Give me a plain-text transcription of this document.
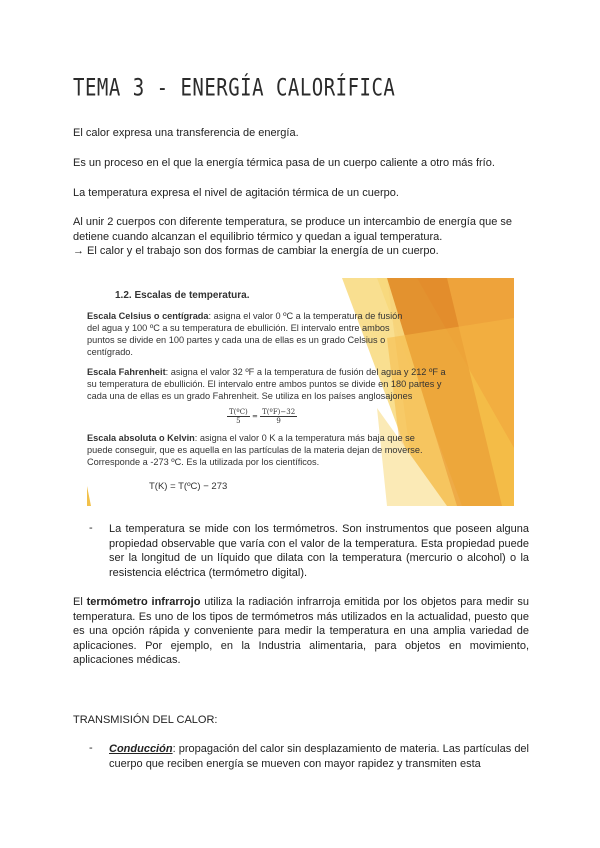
TEMA 3 - ENERGÍA CALORÍFICA
El calor expresa una transferencia de energía.
Es un proceso en el que la energía térmica pasa de un cuerpo caliente a otro más frío.
La temperatura expresa el nivel de agitación térmica de un cuerpo.
Al unir 2 cuerpos con diferente temperatura, se produce un intercambio de energía que se detiene cuando alcanzan el equilibrio térmico y quedan a igual temperatura.
→ El calor y el trabajo son dos formas de cambiar la energía de un cuerpo.
1.2. Escalas de temperatura.
Escala Celsius o centígrada: asigna el valor 0 ºC a la temperatura de fusión del agua y 100 ºC a su temperatura de ebullición. El intervalo entre ambos puntos se divide en 100 partes y cada una de ellas es un grado Celsius o centígrado.
Escala Fahrenheit: asigna el valor 32 ºF a la temperatura de fusión del agua y 212 ºF a su temperatura de ebullición. El intervalo entre ambos puntos se divide en 180 partes y cada una de ellas es un grado Fahrenheit. Se utiliza en los países anglosajones
$\frac{\text{T(ºC)}}{5} = \frac{\text{T(ºF)−32}}{9}$
Escala absoluta o Kelvin: asigna el valor 0 K a la temperatura más baja que se puede conseguir, que es aquella en las partículas de la materia dejan de moverse. Corresponde a -273 ºC. Es la utilizada por los científicos.
T(K) = T(ºC) − 273
- La temperatura se mide con los termómetros. Son instrumentos que poseen alguna propiedad observable que varía con el valor de la temperatura. Esta propiedad puede ser la longitud de un líquido que dilata con la temperatura (mercurio o alcohol) o la resistencia eléctrica (termómetro digital).
El termómetro infrarrojo utiliza la radiación infrarroja emitida por los objetos para medir su temperatura. Es uno de los tipos de termómetros más utilizados en la actualidad, puesto que es una opción rápida y conveniente para medir la temperatura en una amplia variedad de aplicaciones. Por ejemplo, en la Industria alimentaria, para objetos en movimiento, aplicaciones médicas.
TRANSMISIÓN DEL CALOR:
- Conducción: propagación del calor sin desplazamiento de materia. Las partículas del cuerpo que reciben energía se mueven con mayor rapidez y transmiten esta
